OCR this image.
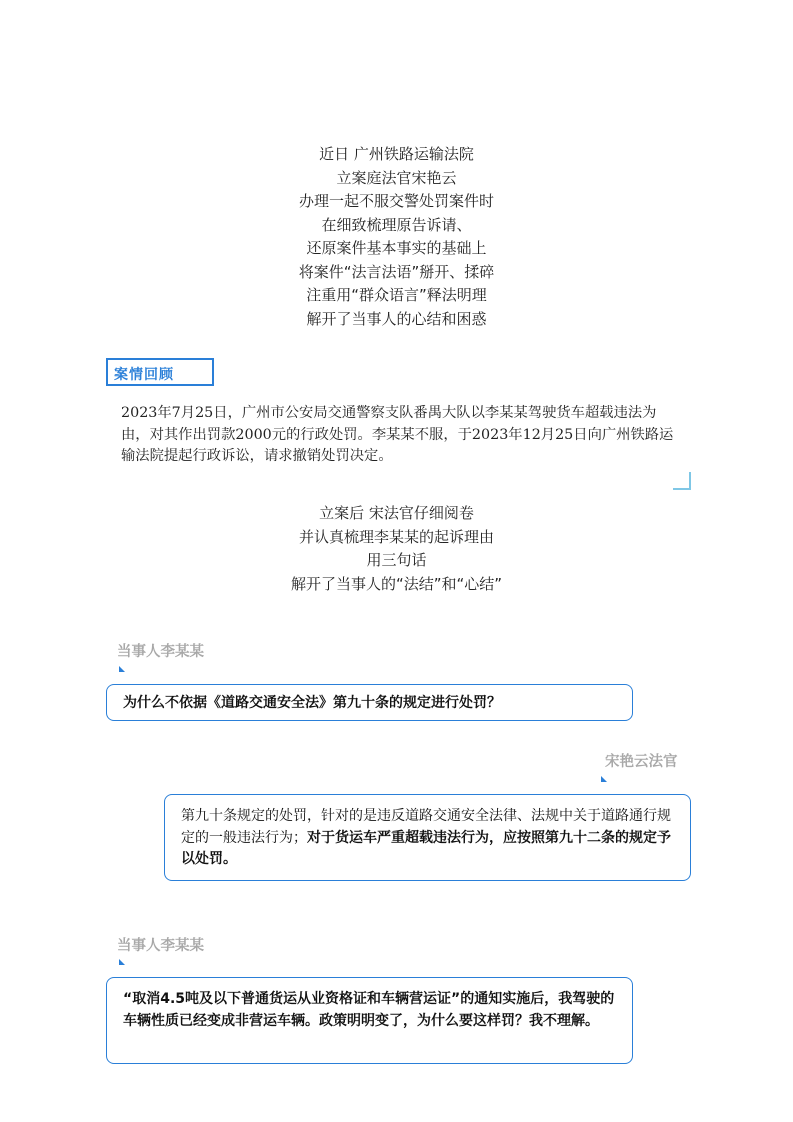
近日 广州铁路运输法院
立案庭法官宋艳云
办理一起不服交警处罚案件时
在细致梳理原告诉请、
还原案件基本事实的基础上
将案件“法言法语”掰开、揉碎
注重用“群众语言”释法明理
解开了当事人的心结和困惑
案情回顾
2023年7月25日，广州市公安局交通警察支队番禺大队以李某某驾驶货车超载违法为由，对其作出罚款2000元的行政处罚。李某某不服，于2023年12月25日向广州铁路运输法院提起行政诉讼，请求撤销处罚决定。
立案后 宋法官仔细阅卷
并认真梳理李某某的起诉理由
用三句话
解开了当事人的“法结”和“心结”
当事人李某某
为什么不依据《道路交通安全法》第九十条的规定进行处罚？
宋艳云法官
第九十条规定的处罚，针对的是违反道路交通安全法律、法规中关于道路通行规定的一般违法行为；对于货运车严重超载违法行为，应按照第九十二条的规定予以处罚。
当事人李某某
“取消4.5吨及以下普通货运从业资格证和车辆营运证”的通知实施后，我驾驶的车辆性质已经变成非营运车辆。政策明明变了，为什么要这样罚？我不理解。
